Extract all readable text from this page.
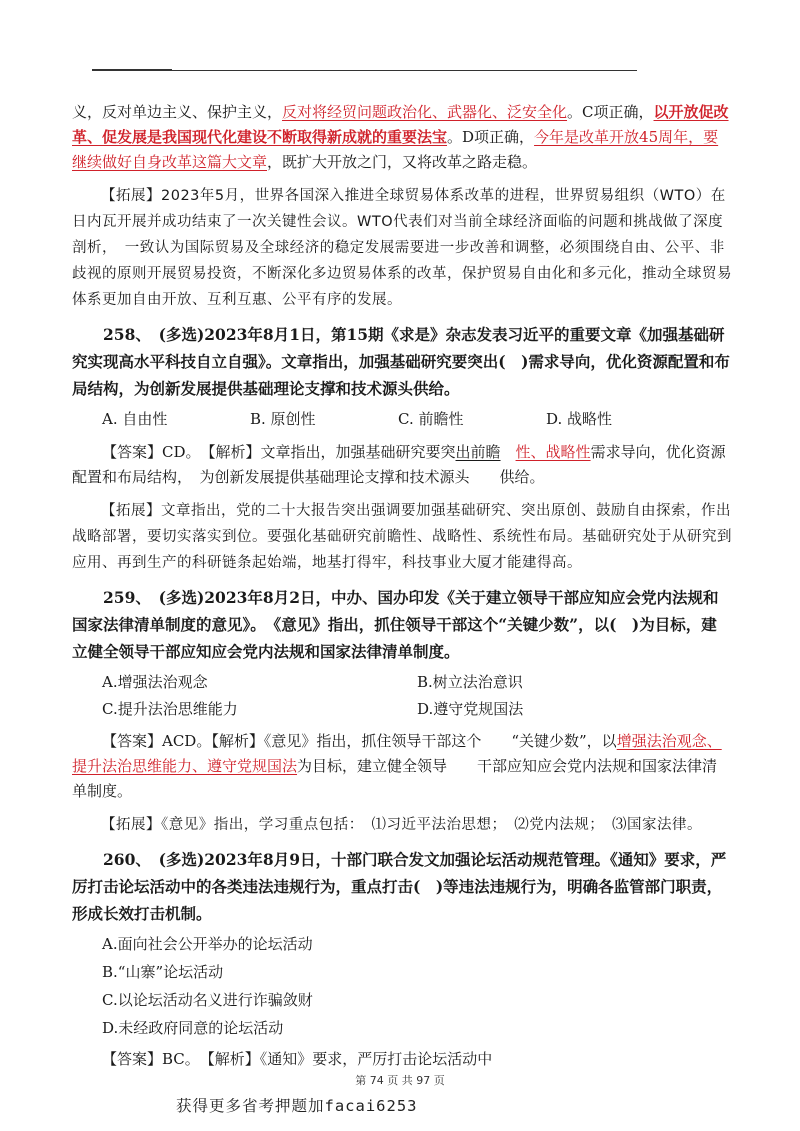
义，反对单边主义、保护主义，反对将经贸问题政治化、武器化、泛安全化。C项正确，以开放促改革、促发展是我国现代化建设不断取得新成就的重要法宝。D项正确，今年是改革开放45周年，要继续做好自身改革这篇大文章，既扩大开放之门，又将改革之路走稳。

【拓展】2023年5月，世界各国深入推进全球贸易体系改革的进程，世界贸易组织（WTO）在日内瓦开展并成功结束了一次关键性会议。WTO代表们对当前全球经济面临的问题和挑战做了深度剖析，　一致认为国际贸易及全球经济的稳定发展需要进一步改善和调整，必须围绕自由、公平、非歧视的原则开展贸易投资，不断深化多边贸易体系的改革，保护贸易自由化和多元化，推动全球贸易体系更加自由开放、互利互惠、公平有序的发展。

258、　(多选)2023年8月1日，第15期《求是》杂志发表习近平的重要文章《加强基础研究实现高水平科技自立自强》。文章指出，加强基础研究要突出(　)需求导向，优化资源配置和布局结构，为创新发展提供基础理论支撑和技术源头供给。

A. 自由性	B. 原创性	C. 前瞻性	D. 战略性

【答案】CD。　【解析】文章指出，加强基础研究要突出前瞻　 性、战略性需求导向，优化资源配置和布局结构，　为创新发展提供基础理论支撑和技术源头　　供给。

【拓展】文章指出，党的二十大报告突出强调要加强基础研究、突出原创、鼓励自由探索，作出战略部署，要切实落实到位。要强化基础研究前瞻性、战略性、系统性布局。基础研究处于从研究到应用、再到生产的科研链条起始端，地基打得牢，科技事业大厦才能建得高。

259、　(多选)2023年8月2日，中办、国办印发《关于建立领导干部应知应会党内法规和国家法律清单制度的意见》。　《意见》指出，抓住领导干部这个“关键少数”，以(　)为目标，建立健全领导干部应知应会党内法规和国家法律清单制度。

A.增强法治观念	B.树立法治意识
C.提升法治思维能力	D.遵守党规国法

【答案】ACD。【解析】《意见》指出，抓住领导干部这个　　“关键少数”，以增强法治观念、提升法治思维能力、遵守党规国法为目标，建立健全领导　　干部应知应会党内法规和国家法律清单制度。

【拓展】《意见》指出，学习重点包括：　⑴习近平法治思想；　⑵党内法规；　⑶国家法律。

260、　(多选)2023年8月9日，十部门联合发文加强论坛活动规范管理。《通知》要求，严厉打击论坛活动中的各类违法违规行为，重点打击(　)等违法违规行为，明确各监管部门职责，形成长效打击机制。

A.面向社会公开举办的论坛活动
B.“山寨”论坛活动
C.以论坛活动名义进行诈骗敛财
D.未经政府同意的论坛活动

【答案】BC。　【解析】《通知》要求，严厉打击论坛活动中

第 74 页 共 97 页
获得更多省考押题加facai6253
